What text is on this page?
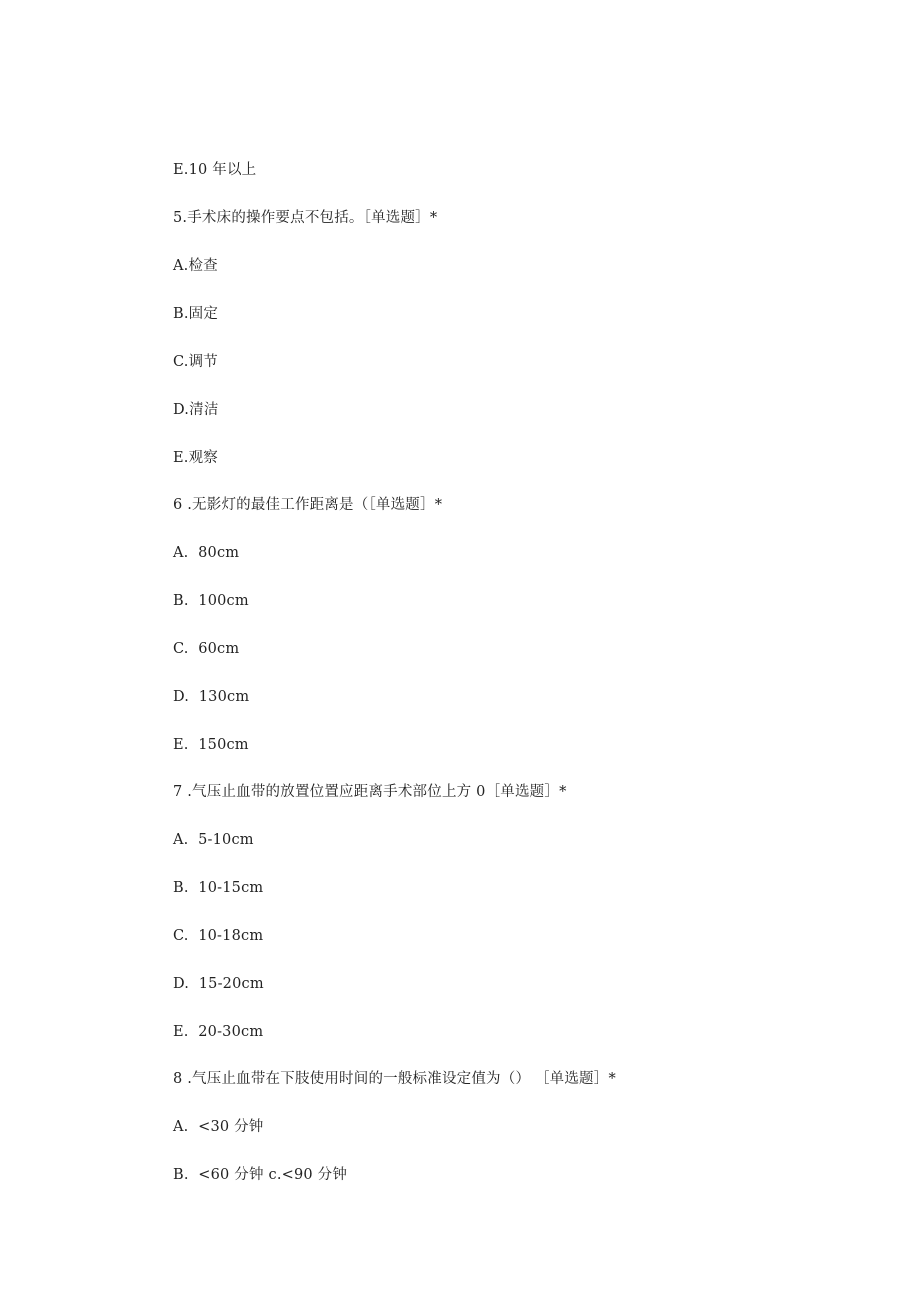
E.10 年以上
5.手术床的操作要点不包括。［单选题］*
A.检查
B.固定
C.调节
D.清洁
E.观察
6 .无影灯的最佳工作距离是（［单选题］*
A.  80cm
B.  100cm
C.  60cm
D.  130cm
E.  150cm
7 .气压止血带的放置位置应距离手术部位上方 0［单选题］*
A.  5-10cm
B.  10-15cm
C.  10-18cm
D.  15-20cm
E.  20-30cm
8 .气压止血带在下肢使用时间的一般标准设定值为（） ［单选题］*
A.  <30 分钟
B.  <60 分钟 c.<90 分钟
